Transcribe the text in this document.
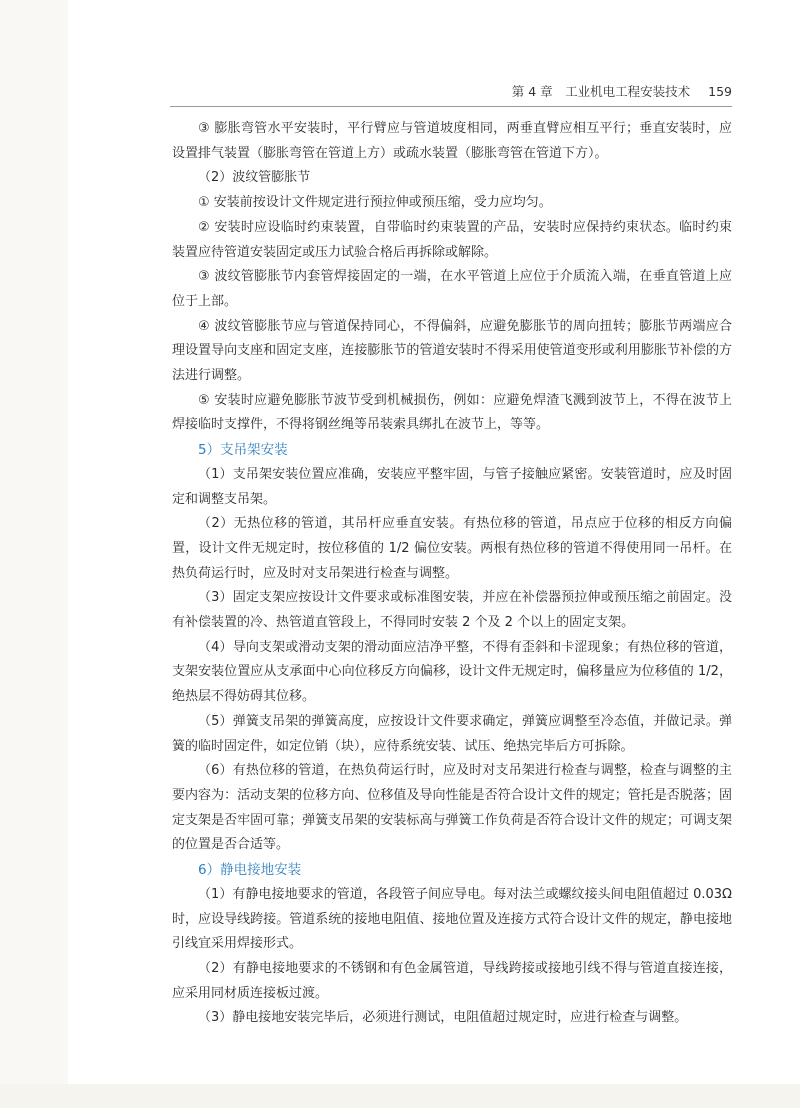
第 4 章　工业机电工程安装技术 159

③ 膨胀弯管水平安装时，平行臂应与管道坡度相同，两垂直臂应相互平行；垂直安装时，应设置排气装置（膨胀弯管在管道上方）或疏水装置（膨胀弯管在管道下方）。

（2）波纹管膨胀节

① 安装前按设计文件规定进行预拉伸或预压缩，受力应均匀。

② 安装时应设临时约束装置，自带临时约束装置的产品，安装时应保持约束状态。临时约束装置应待管道安装固定或压力试验合格后再拆除或解除。

③ 波纹管膨胀节内套管焊接固定的一端，在水平管道上应位于介质流入端，在垂直管道上应位于上部。

④ 波纹管膨胀节应与管道保持同心，不得偏斜，应避免膨胀节的周向扭转；膨胀节两端应合理设置导向支座和固定支座，连接膨胀节的管道安装时不得采用使管道变形或利用膨胀节补偿的方法进行调整。

⑤ 安装时应避免膨胀节波节受到机械损伤，例如：应避免焊渣飞溅到波节上，不得在波节上焊接临时支撑件，不得将钢丝绳等吊装索具绑扎在波节上，等等。

5）支吊架安装

（1）支吊架安装位置应准确，安装应平整牢固，与管子接触应紧密。安装管道时，应及时固定和调整支吊架。

（2）无热位移的管道，其吊杆应垂直安装。有热位移的管道，吊点应于位移的相反方向偏置，设计文件无规定时，按位移值的 1/2 偏位安装。两根有热位移的管道不得使用同一吊杆。在热负荷运行时，应及时对支吊架进行检查与调整。

（3）固定支架应按设计文件要求或标准图安装，并应在补偿器预拉伸或预压缩之前固定。没有补偿装置的冷、热管道直管段上，不得同时安装 2 个及 2 个以上的固定支架。

（4）导向支架或滑动支架的滑动面应洁净平整，不得有歪斜和卡涩现象；有热位移的管道，支架安装位置应从支承面中心向位移反方向偏移，设计文件无规定时，偏移量应为位移值的 1/2，绝热层不得妨碍其位移。

（5）弹簧支吊架的弹簧高度，应按设计文件要求确定，弹簧应调整至冷态值，并做记录。弹簧的临时固定件，如定位销（块），应待系统安装、试压、绝热完毕后方可拆除。

（6）有热位移的管道，在热负荷运行时，应及时对支吊架进行检查与调整，检查与调整的主要内容为：活动支架的位移方向、位移值及导向性能是否符合设计文件的规定；管托是否脱落；固定支架是否牢固可靠；弹簧支吊架的安装标高与弹簧工作负荷是否符合设计文件的规定；可调支架的位置是否合适等。

6）静电接地安装

（1）有静电接地要求的管道，各段管子间应导电。每对法兰或螺纹接头间电阻值超过 0.03Ω 时，应设导线跨接。管道系统的接地电阻值、接地位置及连接方式符合设计文件的规定，静电接地引线宜采用焊接形式。

（2）有静电接地要求的不锈钢和有色金属管道，导线跨接或接地引线不得与管道直接连接，应采用同材质连接板过渡。

（3）静电接地安装完毕后，必须进行测试，电阻值超过规定时，应进行检查与调整。
